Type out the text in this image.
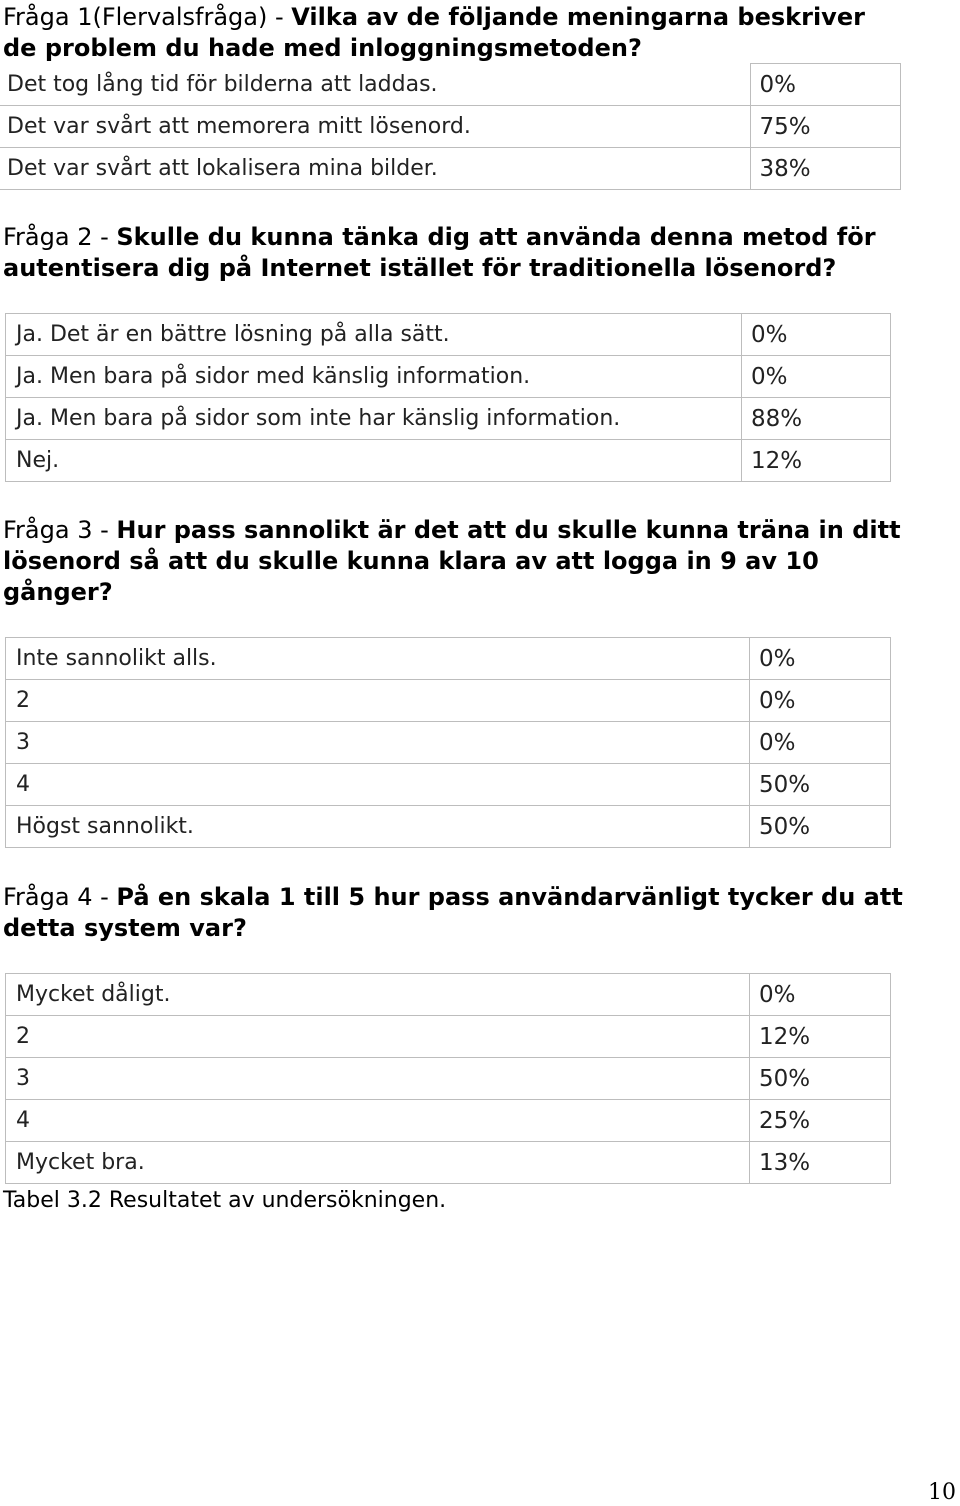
Fråga 1(Flervalsfråga) - Vilka av de följande meningarna beskriver de problem du hade med inloggningsmetoden?
Det tog lång tid för bilderna att laddas.	0%
Det var svårt att memorera mitt lösenord.	75%
Det var svårt att lokalisera mina bilder.	38%
Fråga 2 - Skulle du kunna tänka dig att använda denna metod för autentisera dig på Internet istället för traditionella lösenord?
Ja. Det är en bättre lösning på alla sätt.	0%
Ja. Men bara på sidor med känslig information.	0%
Ja. Men bara på sidor som inte har känslig information.	88%
Nej.	12%
Fråga 3 - Hur pass sannolikt är det att du skulle kunna träna in ditt lösenord så att du skulle kunna klara av att logga in 9 av 10 gånger?
Inte sannolikt alls.	0%
2	0%
3	0%
4	50%
Högst sannolikt.	50%
Fråga 4 - På en skala 1 till 5 hur pass användarvänligt tycker du att detta system var?
Mycket dåligt.	0%
2	12%
3	50%
4	25%
Mycket bra.	13%
Tabel 3.2 Resultatet av undersökningen.
10
